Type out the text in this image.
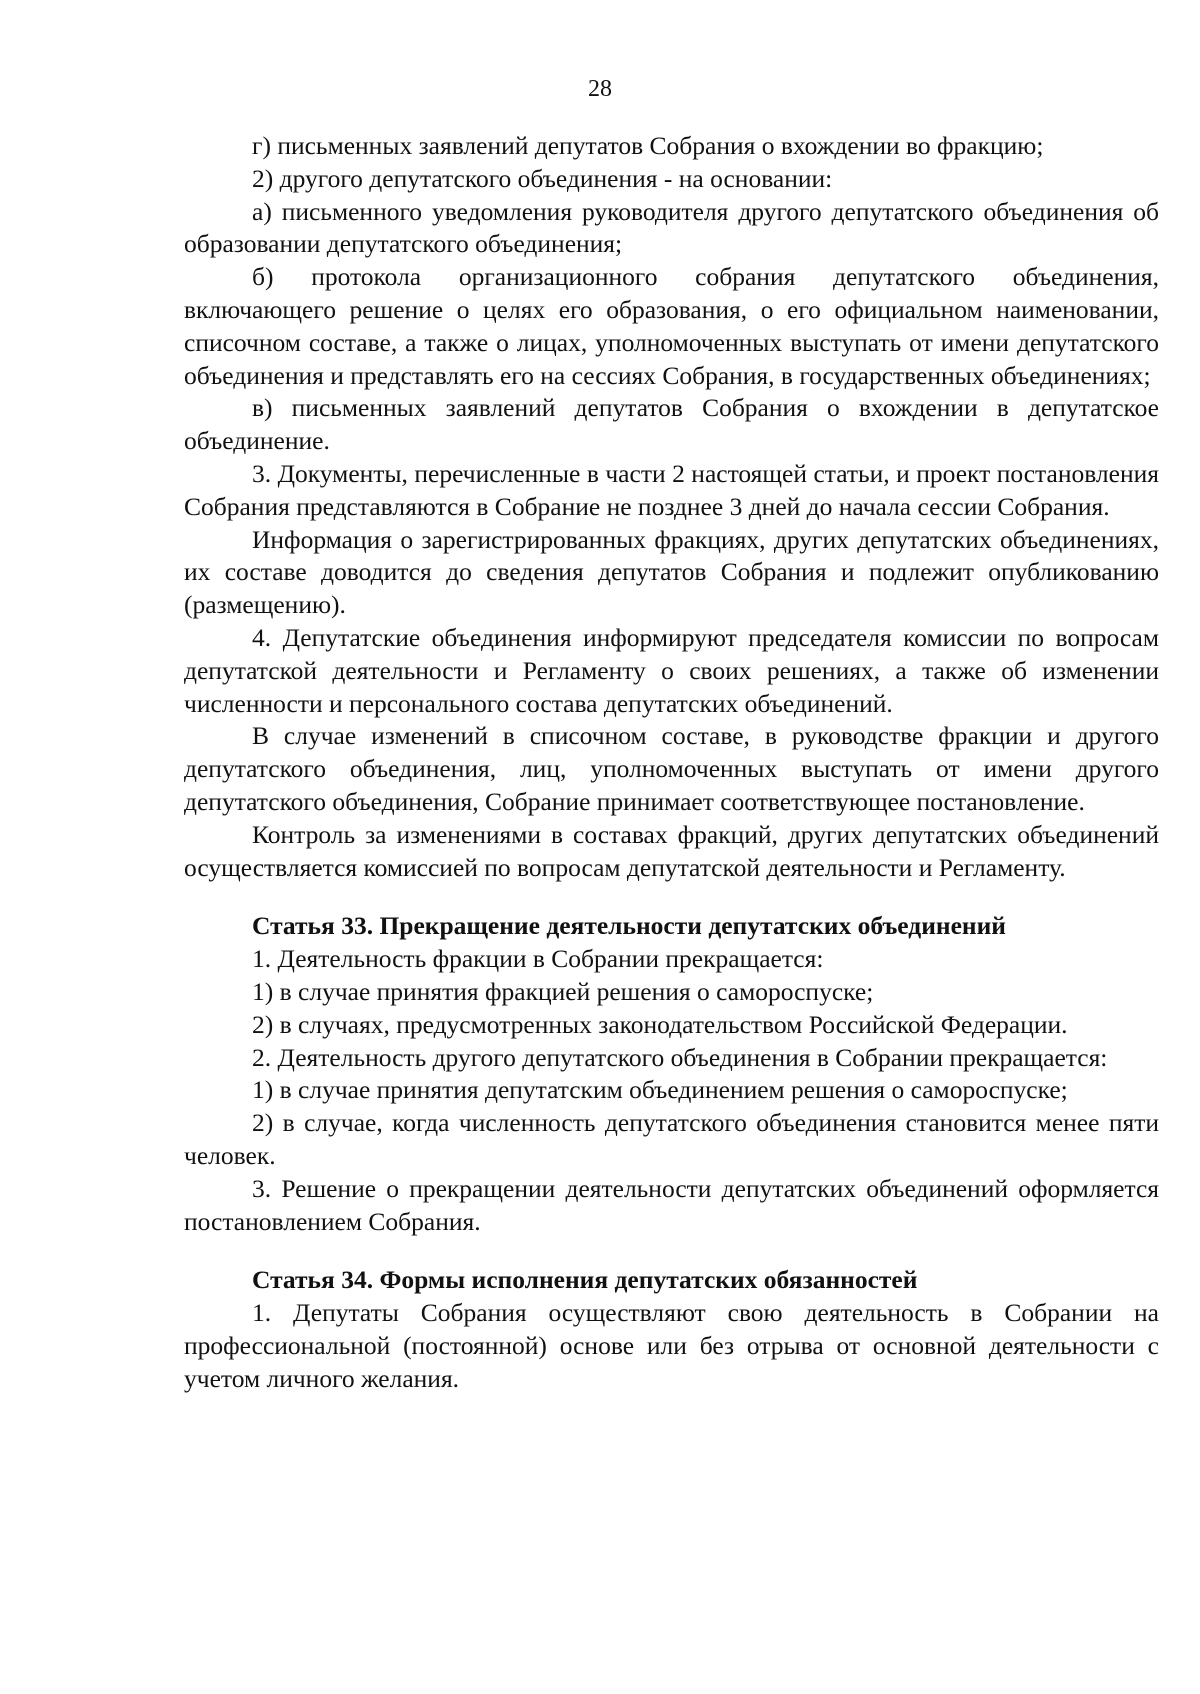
28

г) письменных заявлений депутатов Собрания о вхождении во фракцию;

2) другого депутатского объединения - на основании:

а) письменного уведомления руководителя другого депутатского объединения об образовании депутатского объединения;

б) протокола организационного собрания депутатского объединения, включающего решение о целях его образования, о его официальном наименовании, списочном составе, а также о лицах, уполномоченных выступать от имени депутатского объединения и представлять его на сессиях Собрания, в государственных объединениях;

в) письменных заявлений депутатов Собрания о вхождении в депутатское объединение.

3. Документы, перечисленные в части 2 настоящей статьи, и проект постановления Собрания представляются в Собрание не позднее 3 дней до начала сессии Собрания.

Информация о зарегистрированных фракциях, других депутатских объединениях, их составе доводится до сведения депутатов Собрания и подлежит опубликованию (размещению).

4. Депутатские объединения информируют председателя комиссии по вопросам депутатской деятельности и Регламенту о своих решениях, а также об изменении численности и персонального состава депутатских объединений.

В случае изменений в списочном составе, в руководстве фракции и другого депутатского объединения, лиц, уполномоченных выступать от имени другого депутатского объединения, Собрание принимает соответствующее постановление.

Контроль за изменениями в составах фракций, других депутатских объединений осуществляется комиссией по вопросам депутатской деятельности и Регламенту.

Статья 33. Прекращение деятельности депутатских объединений

1. Деятельность фракции в Собрании прекращается:

1) в случае принятия фракцией решения о самороспуске;

2) в случаях, предусмотренных законодательством Российской Федерации.

2. Деятельность другого депутатского объединения в Собрании прекращается:

1) в случае принятия депутатским объединением решения о самороспуске;

2) в случае, когда численность депутатского объединения становится менее пяти человек.

3. Решение о прекращении деятельности депутатских объединений оформляется постановлением Собрания.

Статья 34. Формы исполнения депутатских обязанностей

1. Депутаты Собрания осуществляют свою деятельность в Собрании на профессиональной (постоянной) основе или без отрыва от основной деятельности с учетом личного желания.
